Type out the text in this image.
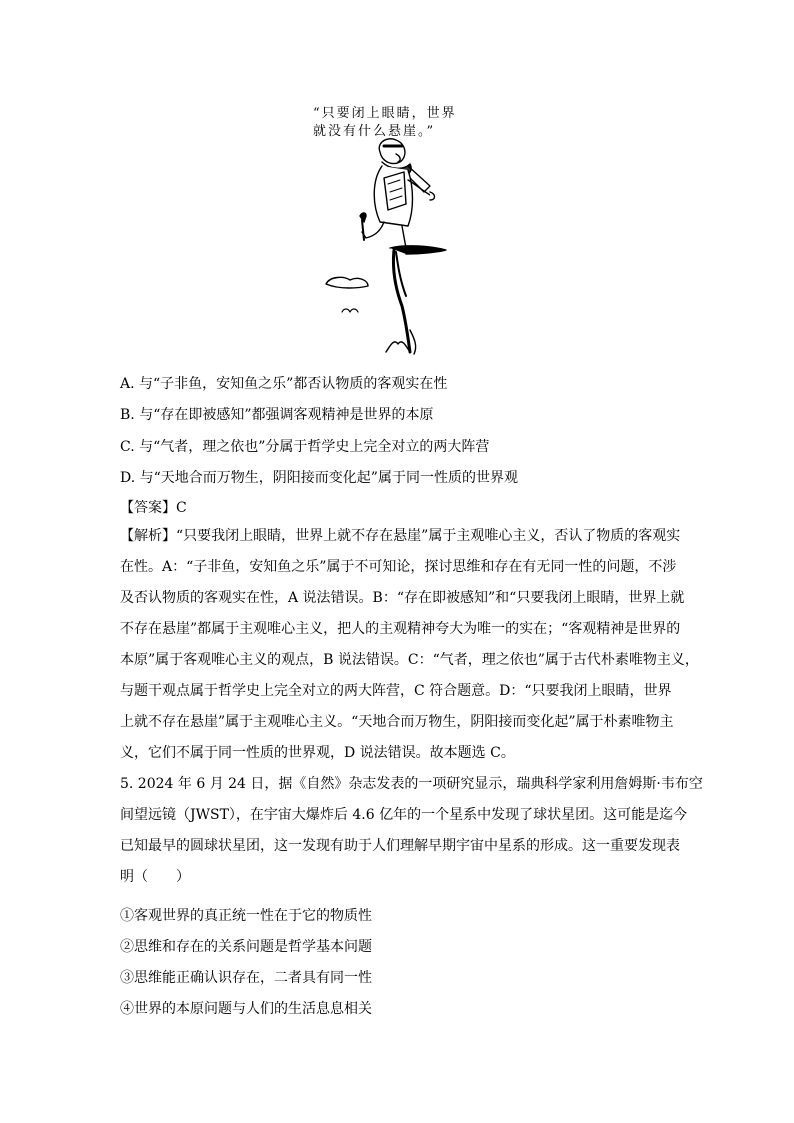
“只要闭上眼睛，世界
就没有什么悬崖。”
A. 与“子非鱼，安知鱼之乐”都否认物质的客观实在性
B. 与“存在即被感知”都强调客观精神是世界的本原
C. 与“气者，理之依也”分属于哲学史上完全对立的两大阵营
D. 与“天地合而万物生，阴阳接而变化起”属于同一性质的世界观
【答案】C
【解析】“只要我闭上眼睛，世界上就不存在悬崖”属于主观唯心主义，否认了物质的客观实
在性。A：“子非鱼，安知鱼之乐”属于不可知论，探讨思维和存在有无同一性的问题，不涉
及否认物质的客观实在性，A 说法错误。B：“存在即被感知”和“只要我闭上眼睛，世界上就
不存在悬崖”都属于主观唯心主义，把人的主观精神夸大为唯一的实在；“客观精神是世界的
本原”属于客观唯心主义的观点，B 说法错误。C：“气者，理之依也”属于古代朴素唯物主义，
与题干观点属于哲学史上完全对立的两大阵营，C 符合题意。D：“只要我闭上眼睛，世界
上就不存在悬崖”属于主观唯心主义。“天地合而万物生，阴阳接而变化起”属于朴素唯物主
义，它们不属于同一性质的世界观，D 说法错误。故本题选 C。
5. 2024 年 6 月 24 日，据《自然》杂志发表的一项研究显示，瑞典科学家利用詹姆斯·韦布空
间望远镜（JWST），在宇宙大爆炸后 4.6 亿年的一个星系中发现了球状星团。这可能是迄今
已知最早的圆球状星团，这一发现有助于人们理解早期宇宙中星系的形成。这一重要发现表
明（　　）
①客观世界的真正统一性在于它的物质性
②思维和存在的关系问题是哲学基本问题
③思维能正确认识存在，二者具有同一性
④世界的本原问题与人们的生活息息相关
